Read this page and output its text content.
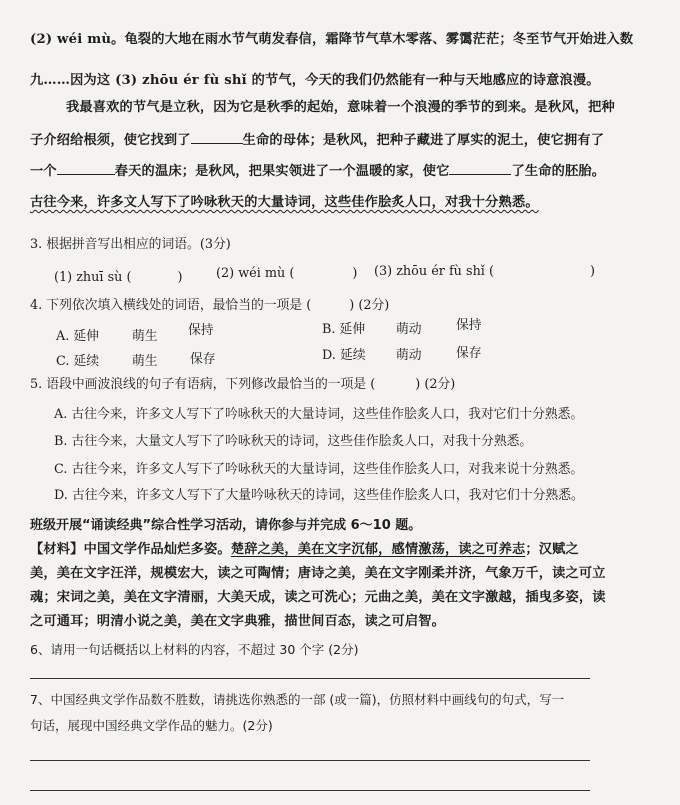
(2) wéi mù。龟裂的大地在雨水节气萌发春信，霜降节气草木零落、雾霭茫茫；冬至节气开始进入数
九……因为这 (3) zhōu ér fù shǐ 的节气，今天的我们仍然能有一种与天地感应的诗意浪漫。
我最喜欢的节气是立秋，因为它是秋季的起始，意味着一个浪漫的季节的到来。是秋风，把种
子介绍给根须，使它找到了	生命的母体；是秋风，把种子藏进了厚实的泥土，使它拥有了
一个	春天的温床；是秋风，把果实领进了一个温暖的家，使它	了生命的胚胎。
古往今来，许多文人写下了吟咏秋天的大量诗词，这些佳作脍炙人口，对我十分熟悉。
3. 根据拼音写出相应的词语。(3分)
(1) zhuī sù (	)	(2) wéi mù (	) (3) zhōu ér fù shǐ (	)
4. 下列依次填入横线处的词语，最恰当的一项是 (	) (2分)
A. 延伸	萌生 保持	B. 延伸 萌动	保持
C. 延续	萌生	保存	D. 延续 萌动	保存
5. 语段中画波浪线的句子有语病，下列修改最恰当的一项是 (	) (2分)
A. 古往今来，许多文人写下了吟咏秋天的大量诗词，这些佳作脍炙人口，我对它们十分熟悉。
B. 古往今来，大量文人写下了吟咏秋天的诗词，这些佳作脍炙人口，对我十分熟悉。
C. 古往今来，许多文人写下了吟咏秋天的大量诗词，这些佳作脍炙人口，对我来说十分熟悉。
D. 古往今来，许多文人写下了大量吟咏秋天的诗词，这些佳作脍炙人口，我对它们十分熟悉。
班级开展“诵读经典”综合性学习活动，请你参与并完成 6～10 题。
【材料】中国文学作品灿烂多姿。楚辞之美，美在文字沉郁，感情激荡，读之可养志；汉赋之
美，美在文字汪洋，规模宏大，读之可陶情；唐诗之美，美在文字刚柔并济，气象万千，读之可立
魂；宋词之美，美在文字清丽，大美天成，读之可洗心；元曲之美，美在文字激越，插曳多姿，读
之可通耳；明清小说之美，美在文字典雅，描世间百态，读之可启智。
6、请用一句话概括以上材料的内容，不超过 30 个字 (2分)
7、中国经典文学作品数不胜数，请挑选你熟悉的一部 (或一篇)，仿照材料中画线句的句式，写一
句话，展现中国经典文学作品的魅力。(2分)
